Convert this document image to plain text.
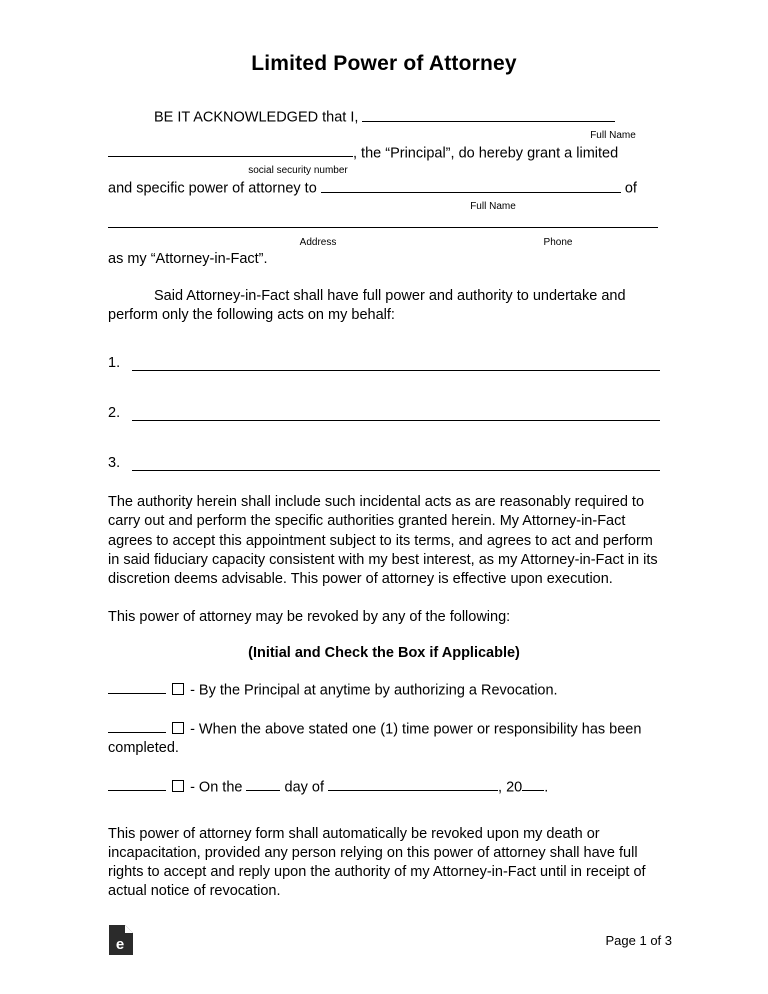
Limited Power of Attorney
BE IT ACKNOWLEDGED that I,
Full Name
, the “Principal”, do hereby grant a limited
social security number
and specific power of attorney to	of
Full Name
Address	Phone
as my “Attorney-in-Fact”.
Said Attorney-in-Fact shall have full power and authority to undertake and perform only the following acts on my behalf:
1.
2.
3.
The authority herein shall include such incidental acts as are reasonably required to carry out and perform the specific authorities granted herein. My Attorney-in-Fact agrees to accept this appointment subject to its terms, and agrees to act and perform in said fiduciary capacity consistent with my best interest, as my Attorney-in-Fact in its discretion deems advisable. This power of attorney is effective upon execution.
This power of attorney may be revoked by any of the following:
(Initial and Check the Box if Applicable)
- By the Principal at anytime by authorizing a Revocation.
- When the above stated one (1) time power or responsibility has been completed.
- On the	day of	, 20 .
This power of attorney form shall automatically be revoked upon my death or incapacitation, provided any person relying on this power of attorney shall have full rights to accept and reply upon the authority of my Attorney-in-Fact until in receipt of actual notice of revocation.
e	Page 1 of 3
